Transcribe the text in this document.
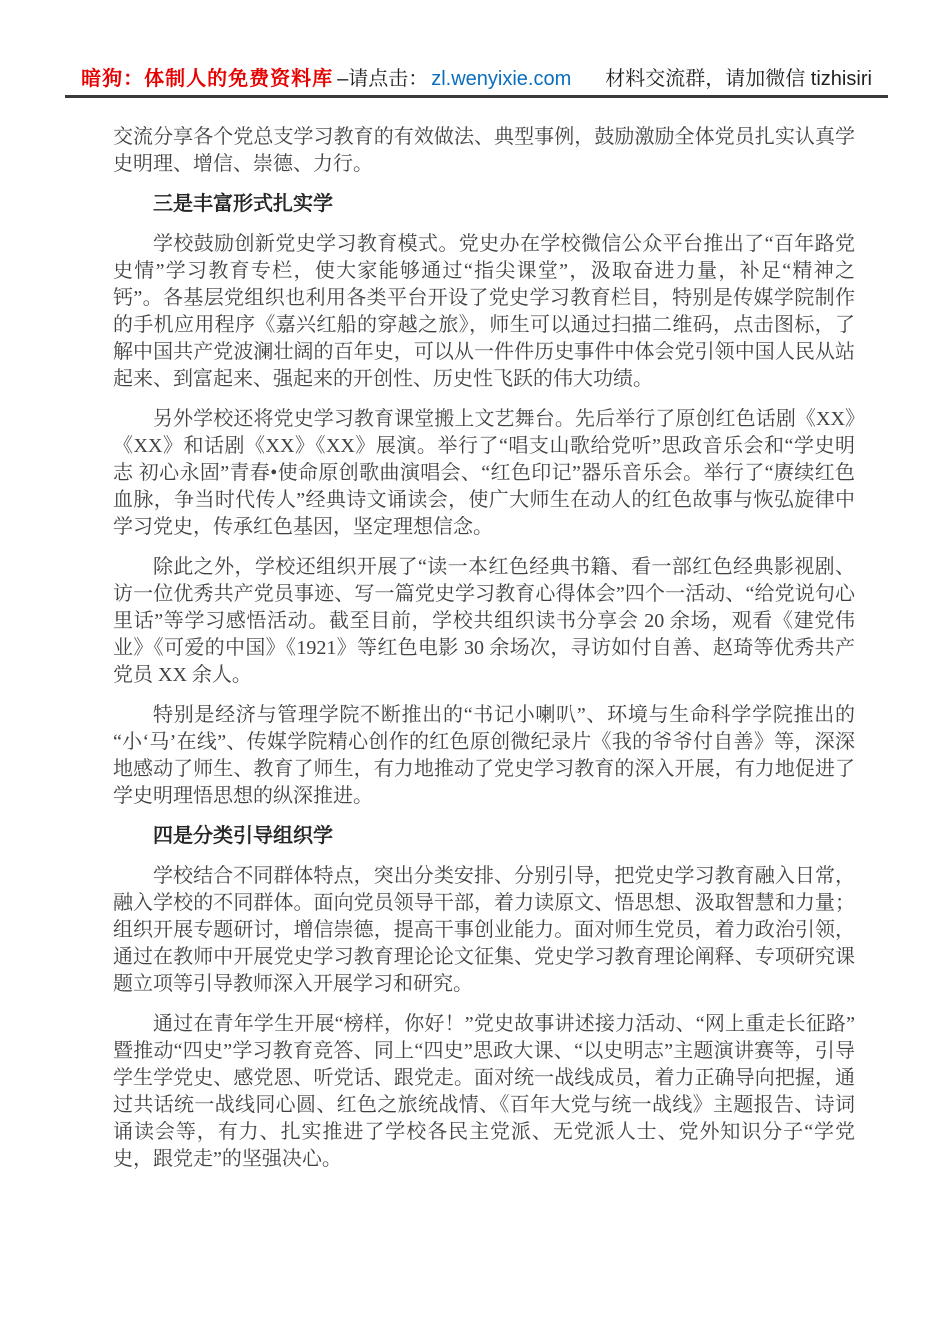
暗狗：体制人的免费资料库 –请点击： zl.wenyixie.com 材料交流群，请加微信 tizhisiri

交流分享各个党总支学习教育的有效做法、典型事例，鼓励激励全体党员扎实认真学史明理、增信、崇德、力行。

三是丰富形式扎实学

学校鼓励创新党史学习教育模式。党史办在学校微信公众平台推出了“百年路党史情”学习教育专栏，使大家能够通过“指尖课堂”，汲取奋进力量，补足“精神之钙”。各基层党组织也利用各类平台开设了党史学习教育栏目，特别是传媒学院制作的手机应用程序《嘉兴红船的穿越之旅》，师生可以通过扫描二维码，点击图标，了解中国共产党波澜壮阔的百年史，可以从一件件历史事件中体会党引领中国人民从站起来、到富起来、强起来的开创性、历史性飞跃的伟大功绩。

另外学校还将党史学习教育课堂搬上文艺舞台。先后举行了原创红色话剧《XX》《XX》和话剧《XX》《XX》展演。举行了“唱支山歌给党听”思政音乐会和“学史明志 初心永固”青春•使命原创歌曲演唱会、“红色印记”器乐音乐会。举行了“赓续红色血脉，争当时代传人”经典诗文诵读会，使广大师生在动人的红色故事与恢弘旋律中学习党史，传承红色基因，坚定理想信念。

除此之外，学校还组织开展了“读一本红色经典书籍、看一部红色经典影视剧、访一位优秀共产党员事迹、写一篇党史学习教育心得体会”四个一活动、“给党说句心里话”等学习感悟活动。截至目前，学校共组织读书分享会 20 余场，观看《建党伟业》《可爱的中国》《1921》等红色电影 30 余场次，寻访如付自善、赵琦等优秀共产党员 XX 余人。

特别是经济与管理学院不断推出的“书记小喇叭”、环境与生命科学学院推出的“小‘马’在线”、传媒学院精心创作的红色原创微纪录片《我的爷爷付自善》等，深深地感动了师生、教育了师生，有力地推动了党史学习教育的深入开展，有力地促进了学史明理悟思想的纵深推进。

四是分类引导组织学

学校结合不同群体特点，突出分类安排、分别引导，把党史学习教育融入日常，融入学校的不同群体。面向党员领导干部，着力读原文、悟思想、汲取智慧和力量；组织开展专题研讨，增信崇德，提高干事创业能力。面对师生党员，着力政治引领，通过在教师中开展党史学习教育理论论文征集、党史学习教育理论阐释、专项研究课题立项等引导教师深入开展学习和研究。

通过在青年学生开展“榜样，你好！”党史故事讲述接力活动、“网上重走长征路”暨推动“四史”学习教育竞答、同上“四史”思政大课、“以史明志”主题演讲赛等，引导学生学党史、感党恩、听党话、跟党走。面对统一战线成员，着力正确导向把握，通过共话统一战线同心圆、红色之旅统战情、《百年大党与统一战线》主题报告、诗词诵读会等，有力、扎实推进了学校各民主党派、无党派人士、党外知识分子“学党史，跟党走”的坚强决心。
